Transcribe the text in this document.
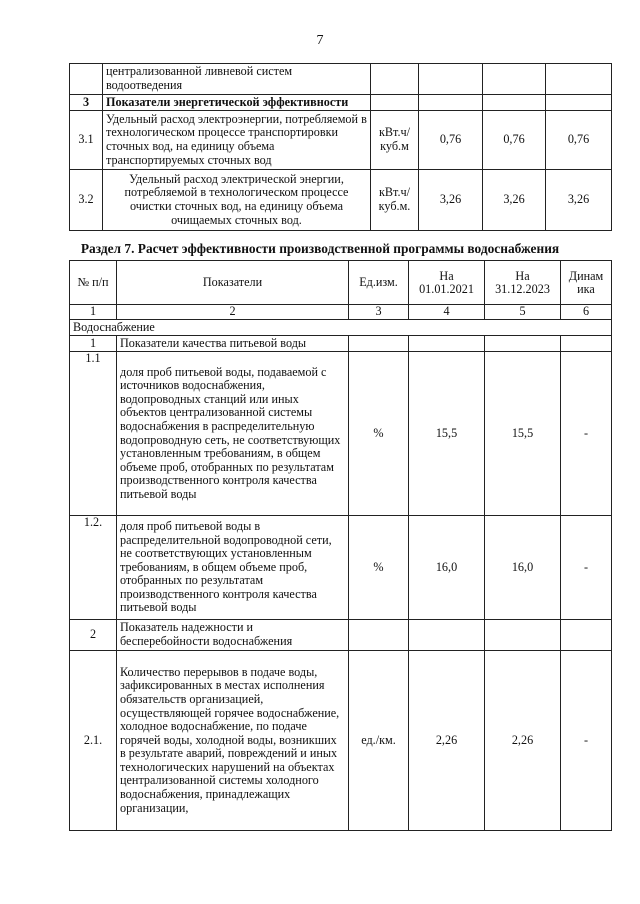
7
	централизованной ливневой систем водоотведения				
3	Показатели энергетической эффективности				
3.1	Удельный расход электроэнергии, потребляемой в технологическом процессе транспортировки сточных вод, на единицу объема транспортируемых сточных вод	кВт.ч/ куб.м	0,76	0,76	0,76
3.2	Удельный расход электрической энергии, потребляемой в технологическом процессе очистки сточных вод, на единицу объема очищаемых сточных вод.	кВт.ч/ куб.м.	3,26	3,26	3,26
Раздел 7. Расчет эффективности производственной программы водоснабжения
№ п/п	Показатели	Ед.изм.	На 01.01.2021	На 31.12.2023	Динам ика
1	2	3	4	5	6
Водоснабжение					
1	Показатели качества питьевой воды				
1.1	доля проб питьевой воды, подаваемой с источников водоснабжения, водопроводных станций или иных объектов централизованной системы водоснабжения в распределительную водопроводную сеть, не соответствующих установленным требованиям, в общем объеме проб, отобранных по результатам производственного контроля качества питьевой воды	%	15,5	15,5	-
1.2.	доля проб питьевой воды в распределительной водопроводной сети, не соответствующих установленным требованиям, в общем объеме проб, отобранных по результатам производственного контроля качества питьевой воды	%	16,0	16,0	-
2	Показатель надежности и бесперебойности водоснабжения				
2.1.	Количество перерывов в подаче воды, зафиксированных в местах исполнения обязательств организацией, осуществляющей горячее водоснабжение, холодное водоснабжение, по подаче горячей воды, холодной воды, возникших в результате аварий, повреждений и иных технологических нарушений на объектах централизованной системы холодного водоснабжения, принадлежащих организации,	ед./км.	2,26	2,26	-
